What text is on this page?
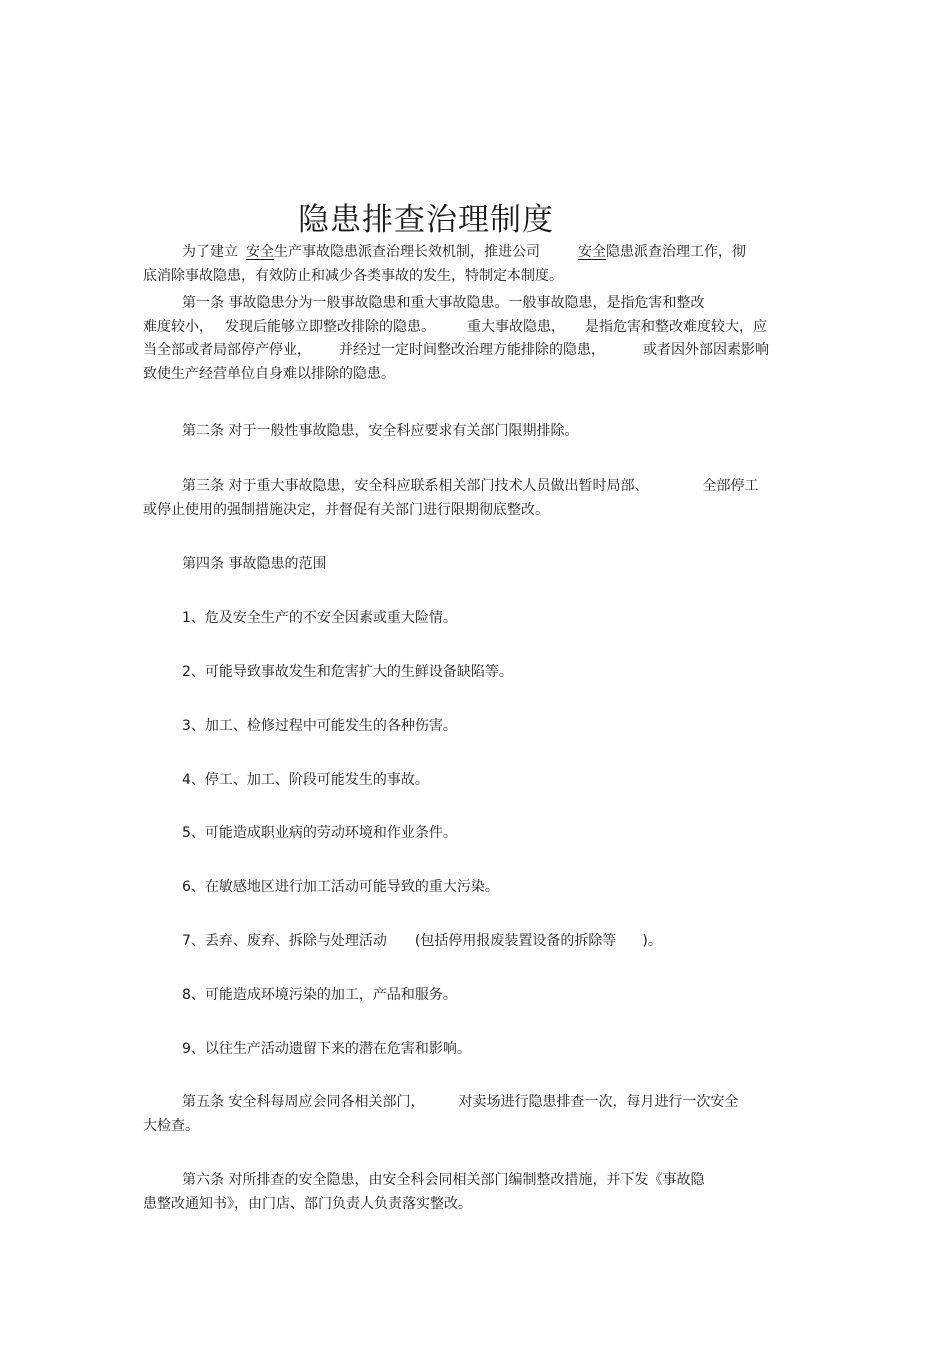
隐患排查治理制度
为了建立 安全生产事故隐患派查治理长效机制，推进公司	安全隐患派查治理工作，彻
底消除事故隐患，有效防止和减少各类事故的发生，特制定本制度。
第一条 事故隐患分为一般事故隐患和重大事故隐患。一般事故隐患，是指危害和整改
难度较小， 发现后能够立即整改排除的隐患。 重大事故隐患， 是指危害和整改难度较大，应
当全部或者局部停产停业， 并经过一定时间整改治理方能排除的隐患，	或者因外部因素影响
致使生产经营单位自身难以排除的隐患。
第二条 对于一般性事故隐患，安全科应要求有关部门限期排除。
第三条 对于重大事故隐患，安全科应联系相关部门技术人员做出暂时局部、	全部停工
或停止使用的强制措施决定，并督促有关部门进行限期彻底整改。
第四条 事故隐患的范围
1、危及安全生产的不安全因素或重大险情。
2、可能导致事故发生和危害扩大的生鲜设备缺陷等。
3、加工、检修过程中可能发生的各种伤害。
4、停工、加工、阶段可能发生的事故。
5、可能造成职业病的劳动环境和作业条件。
6、在敏感地区进行加工活动可能导致的重大污染。
7、丢弃、废弃、拆除与处理活动 (包括停用报废装置设备的拆除等 )。
8、可能造成环境污染的加工，产品和服务。
9、以往生产活动遗留下来的潜在危害和影响。
第五条 安全科每周应会同各相关部门， 对卖场进行隐患排查一次，每月进行一次安全
大检查。
第六条 对所排查的安全隐患，由安全科会同相关部门编制整改措施，并下发《事故隐
患整改通知书》，由门店、部门负责人负责落实整改。
